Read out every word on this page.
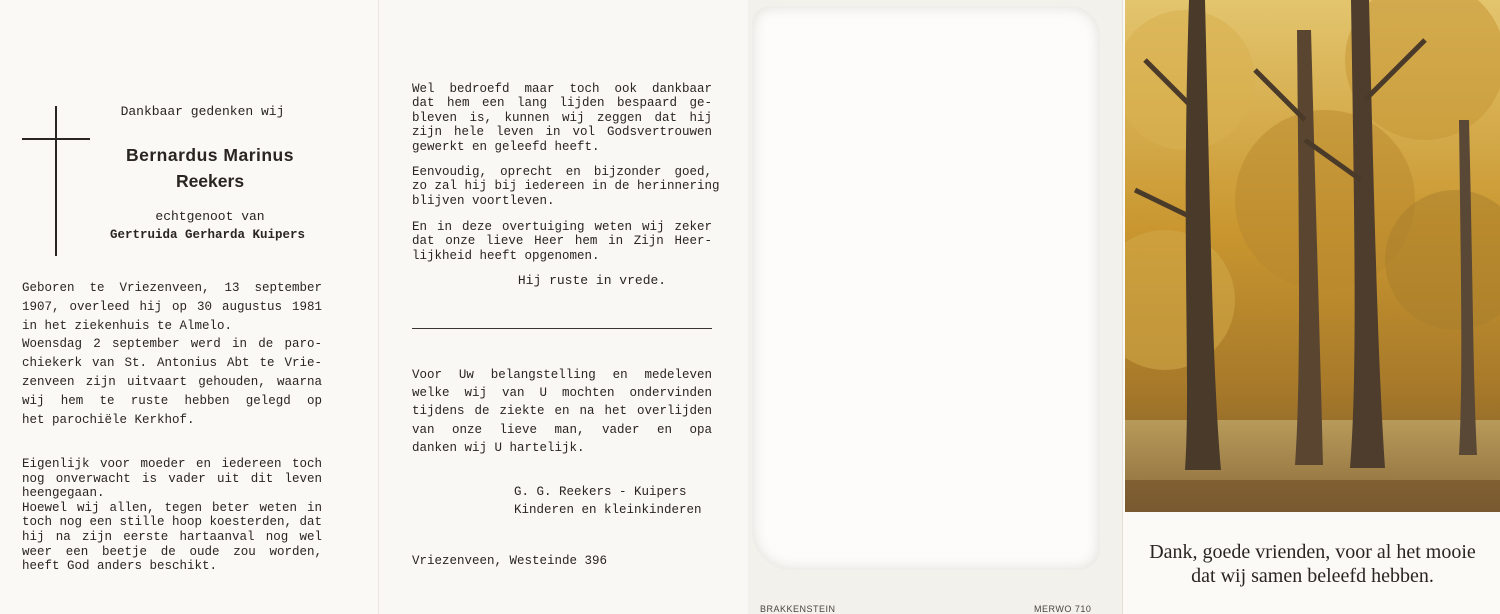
Dankbaar gedenken wij
Bernardus Marinus
Reekers
echtgenoot van
Gertruida Gerharda Kuipers
Geboren te Vriezenveen, 13 september
1907, overleed hij op 30 augustus 1981
in het ziekenhuis te Almelo.
Woensdag 2 september werd in de paro-
chiekerk van St. Antonius Abt te Vrie-
zenveen zijn uitvaart gehouden, waarna
wij hem te ruste hebben gelegd op
het parochiële Kerkhof.
Eigenlijk voor moeder en iedereen toch
nog onverwacht is vader uit dit leven
heengegaan.
Hoewel wij allen, tegen beter weten in
toch nog een stille hoop koesterden, dat
hij na zijn eerste hartaanval nog wel
weer een beetje de oude zou worden,
heeft God anders beschikt.
Wel bedroefd maar toch ook dankbaar
dat hem een lang lijden bespaard ge-
bleven is, kunnen wij zeggen dat hij
zijn hele leven in vol Godsvertrouwen
gewerkt en geleefd heeft.
Eenvoudig, oprecht en bijzonder goed,
zo zal hij bij iedereen in de herinnering
blijven voortleven.
En in deze overtuiging weten wij zeker
dat onze lieve Heer hem in Zijn Heer-
lijkheid heeft opgenomen.
Hij ruste in vrede.
Voor Uw belangstelling en medeleven
welke wij van U mochten ondervinden
tijdens de ziekte en na het overlijden
van onze lieve man, vader en opa
danken wij U hartelijk.
G. G. Reekers - Kuipers
Kinderen en kleinkinderen
Vriezenveen, Westeinde 396
BRAKKENSTEIN	MERWO 710
Dank, goede vrienden, voor al het mooie
dat wij samen beleefd hebben.
